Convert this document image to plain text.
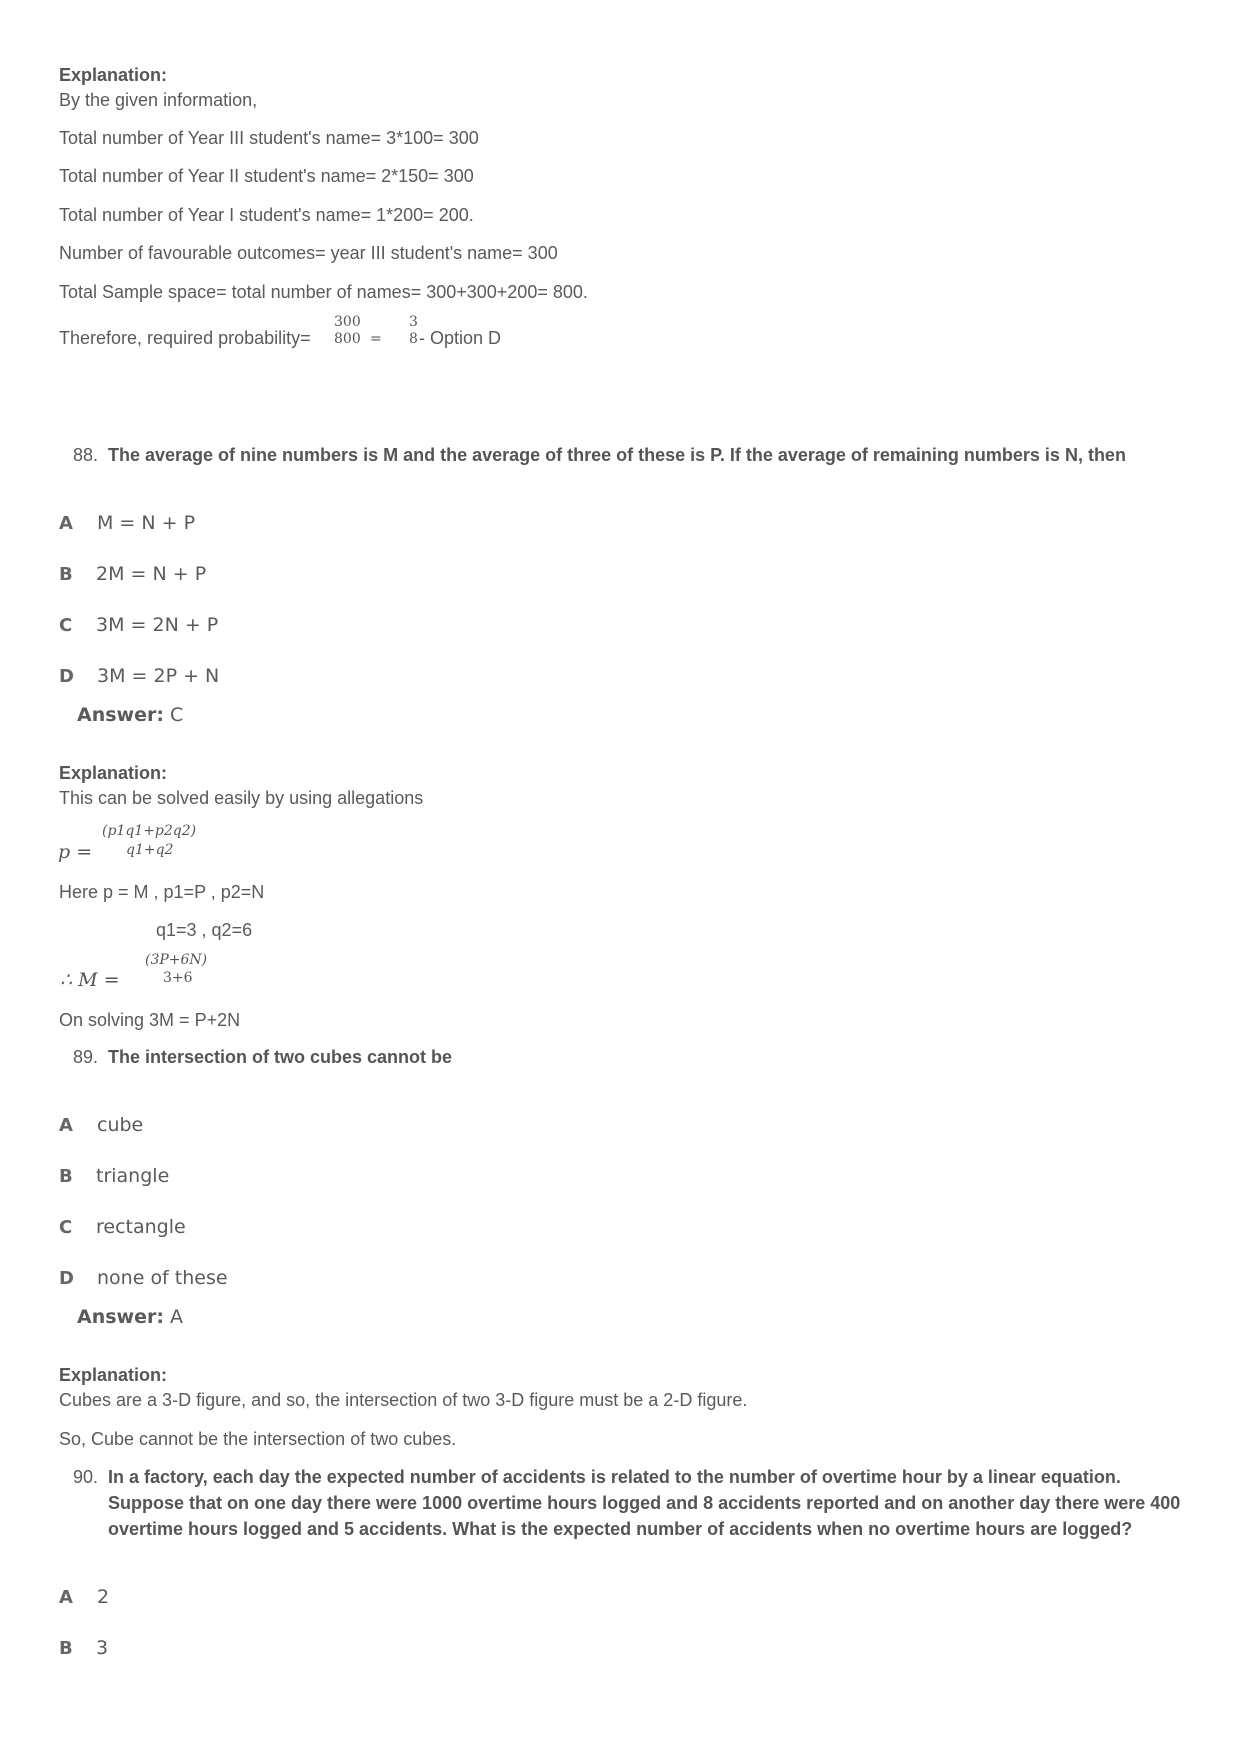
Explanation:
By the given information,
Total number of Year III student's name= 3*100= 300
Total number of Year II student's name= 2*150= 300
Total number of Year I student's name= 1*200= 200.
Number of favourable outcomes= year III student's name= 300
Total Sample space= total number of names= 300+300+200= 800.
Therefore, required probability=
300
800 =
3
8 - Option D
88. The average of nine numbers is M and the average of three of these is P. If the average of remaining numbers is N, then
A M = N + P
B 2M = N + P
C 3M = 2N + P
D 3M = 2P + N
Answer: C
Explanation:
This can be solved easily by using allegations
p =
(p1q1+p2q2)
q1+q2
Here p = M , p1=P , p2=N
q1=3 , q2=6
∴ M =
(3P+6N)
3+6
On solving 3M = P+2N
89. The intersection of two cubes cannot be
A cube
B triangle
C rectangle
D none of these
Answer: A
Explanation:
Cubes are a 3-D figure, and so, the intersection of two 3-D figure must be a 2-D figure.
So, Cube cannot be the intersection of two cubes.
90. In a factory, each day the expected number of accidents is related to the number of overtime hour by a linear equation. Suppose that on one day there were 1000 overtime hours logged and 8 accidents reported and on another day there were 400 overtime hours logged and 5 accidents. What is the expected number of accidents when no overtime hours are logged?
A 2
B 3
